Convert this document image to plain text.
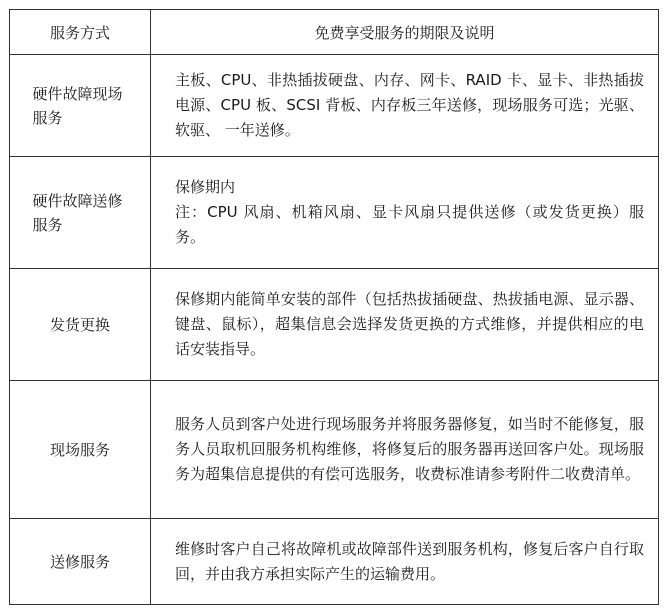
服务方式	免费享受服务的期限及说明
硬件故障现场服务	主板、CPU、非热插拔硬盘、内存、网卡、RAID 卡、显卡、非热插拔电源、CPU 板、SCSI 背板、内存板三年送修，现场服务可选；光驱、软驱、 一年送修。
硬件故障送修服务	保修期内
注：CPU 风扇、机箱风扇、显卡风扇只提供送修（或发货更换）服务。

发货更换	保修期内能简单安装的部件（包括热拔插硬盘、热拔插电源、显示器、键盘、鼠标），超集信息会选择发货更换的方式维修，并提供相应的电话安装指导。
现场服务	服务人员到客户处进行现场服务并将服务器修复，如当时不能修复，服务人员取机回服务机构维修，将修复后的服务器再送回客户处。现场服务为超集信息提供的有偿可选服务，收费标准请参考附件二收费清单。
送修服务	维修时客户自己将故障机或故障部件送到服务机构，修复后客户自行取回，并由我方承担实际产生的运输费用。
